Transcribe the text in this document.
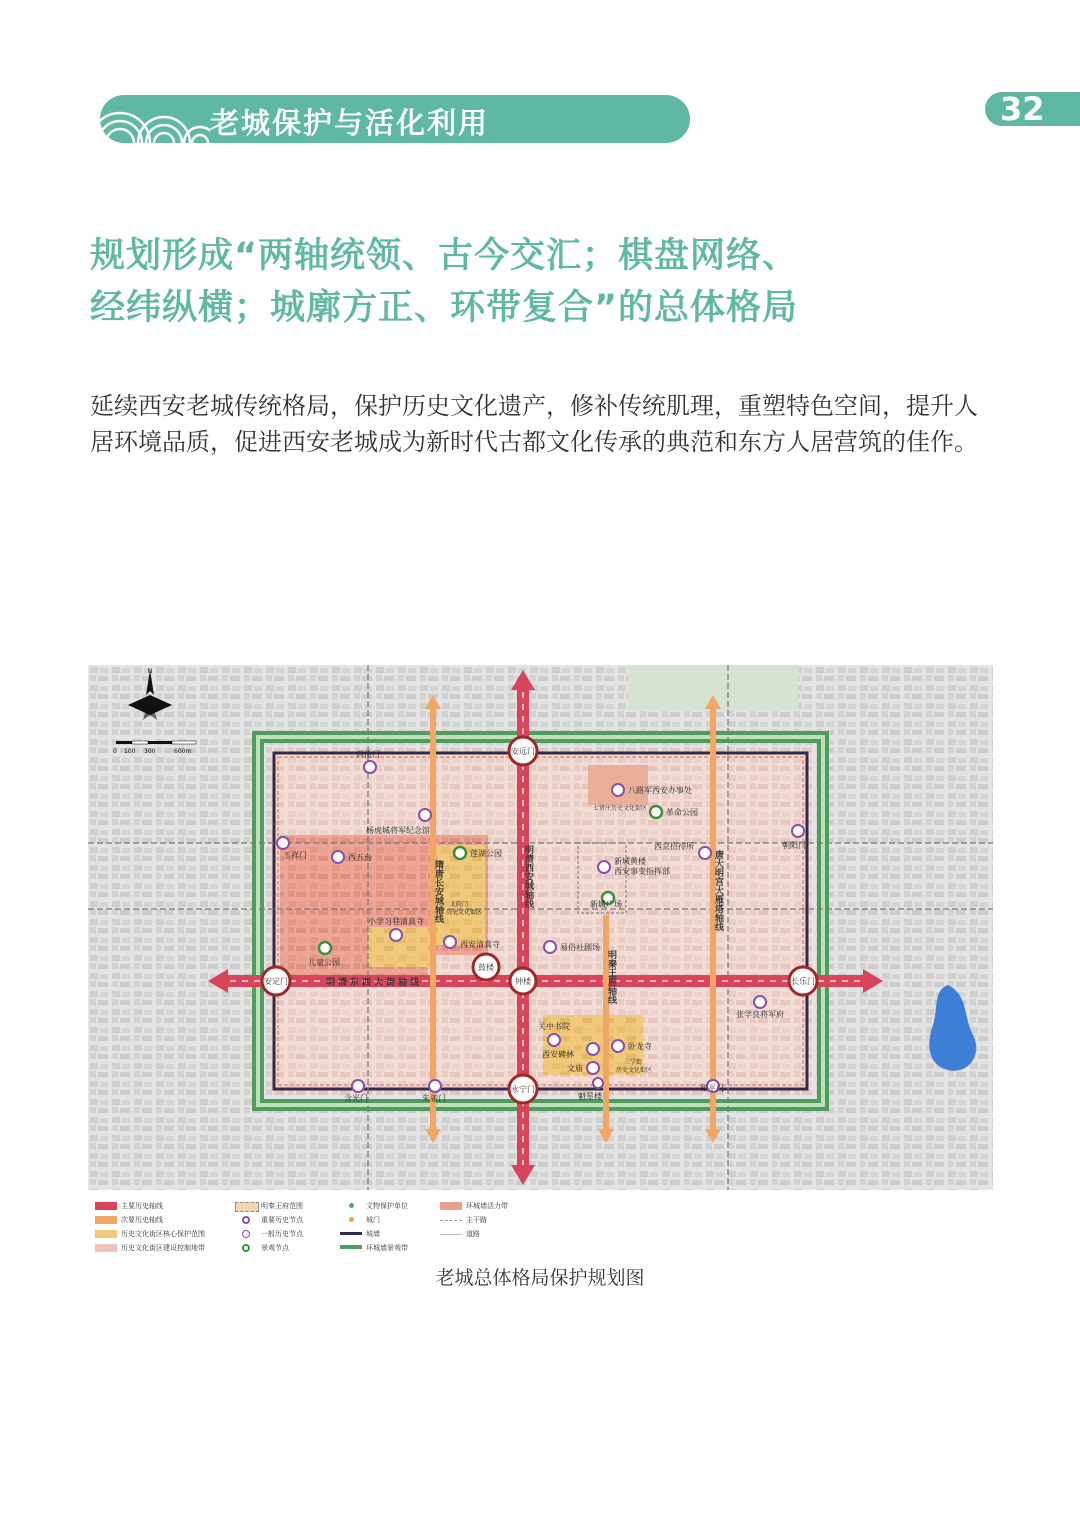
老城保护与活化利用	32
规划形成“两轴统领、古今交汇；棋盘网络、
经纬纵横；城廓方正、环带复合”的总体格局
延续西安老城传统格局，保护历史文化遗产，修补传统肌理，重塑特色空间，提升人居环境品质，促进西安老城成为新时代古都文化传承的典范和东方人居营筑的佳作。
隋唐长安城轴线	明清西安城轴线	唐大明宫大雁塔轴线
明秦王府轴线
明清东西大街轴线
安远门
永宁门
安定门	长乐门
钟楼
鼓楼
尚俭门
玉祥门	西五台
杨虎城将军纪念馆
莲湖公园
小学习巷清真寺
西安清真寺
儿童公园
北院门
历史文化街区
八路军西安办事处
七贤庄历史文化街区 革命公园
西京招待所
新城黄楼
西安事变指挥部
新城广场
易俗社剧场
朝阳门
张学良将军府
关中书院
西安碑林
文庙
卧龙寺
三学街
历史文化街区
魁星楼
含光门	朱雀门
和平门
N
0 100 300	600m
主要历史轴线
次要历史轴线
历史文化街区核心保护范围
历史文化街区建设控制地带
明秦王府范围
重要历史节点
一般历史节点
景观节点
文物保护单位
城门
城墙
环城墙景观带
环城墙活力带
主干路
道路
老城总体格局保护规划图
